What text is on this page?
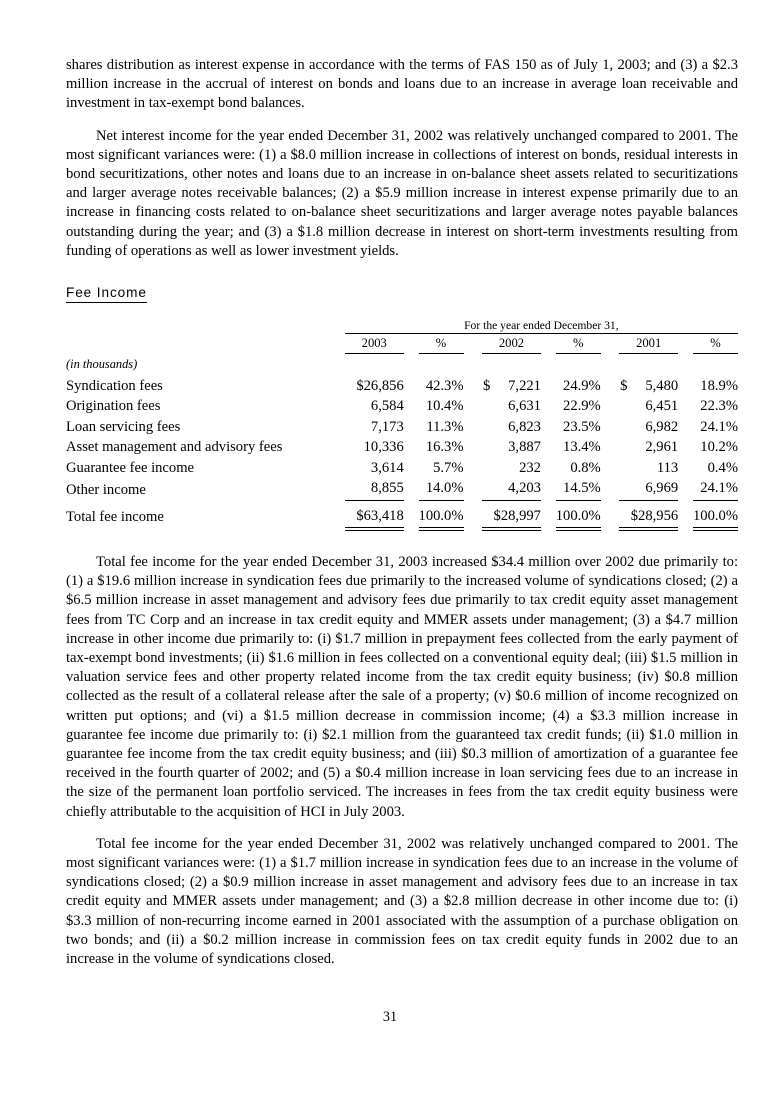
shares distribution as interest expense in accordance with the terms of FAS 150 as of July 1, 2003; and (3) a $2.3 million increase in the accrual of interest on bonds and loans due to an increase in average loan receivable and investment in tax-exempt bond balances.

Net interest income for the year ended December 31, 2002 was relatively unchanged compared to 2001. The most significant variances were: (1) a $8.0 million increase in collections of interest on bonds, residual interests in bond securitizations, other notes and loans due to an increase in on-balance sheet assets related to securitizations and larger average notes receivable balances; (2) a $5.9 million increase in interest expense primarily due to an increase in financing costs related to on-balance sheet securitizations and larger average notes payable balances outstanding during the year; and (3) a $1.8 million decrease in interest on short-term investments resulting from funding of operations as well as lower investment yields.

Fee Income
	For the year ended December 31,										
	2003		%		2002		%		2001		%
(in thousands)											
Syndication fees	$26,856		42.3%		$ 7,221		24.9%		$ 5,480		18.9%
Origination fees	6,584		10.4%		6,631		22.9%		6,451		22.3%
Loan servicing fees	7,173		11.3%		6,823		23.5%		6,982		24.1%
Asset management and advisory fees	10,336		16.3%		3,887		13.4%		2,961		10.2%
Guarantee fee income	3,614		5.7%		232		0.8%		113		0.4%
Other income	8,855		14.0%		4,203		14.5%		6,969		24.1%
Total fee income	$63,418		100.0%		$28,997		100.0%		$28,956		100.0%

Total fee income for the year ended December 31, 2003 increased $34.4 million over 2002 due primarily to: (1) a $19.6 million increase in syndication fees due primarily to the increased volume of syndications closed; (2) a $6.5 million increase in asset management and advisory fees due primarily to tax credit equity asset management fees from TC Corp and an increase in tax credit equity and MMER assets under management; (3) a $4.7 million increase in other income due primarily to: (i) $1.7 million in prepayment fees collected from the early payment of tax-exempt bond investments; (ii) $1.6 million in fees collected on a conventional equity deal; (iii) $1.5 million in valuation service fees and other property related income from the tax credit equity business; (iv) $0.8 million collected as the result of a collateral release after the sale of a property; (v) $0.6 million of income recognized on written put options; and (vi) a $1.5 million decrease in commission income; (4) a $3.3 million increase in guarantee fee income due primarily to: (i) $2.1 million from the guaranteed tax credit funds; (ii) $1.0 million in guarantee fee income from the tax credit equity business; and (iii) $0.3 million of amortization of a guarantee fee received in the fourth quarter of 2002; and (5) a $0.4 million increase in loan servicing fees due to an increase in the size of the permanent loan portfolio serviced. The increases in fees from the tax credit equity business were chiefly attributable to the acquisition of HCI in July 2003.

Total fee income for the year ended December 31, 2002 was relatively unchanged compared to 2001. The most significant variances were: (1) a $1.7 million increase in syndication fees due to an increase in the volume of syndications closed; (2) a $0.9 million increase in asset management and advisory fees due to an increase in tax credit equity and MMER assets under management; and (3) a $2.8 million decrease in other income due to: (i) $3.3 million of non-recurring income earned in 2001 associated with the assumption of a purchase obligation on two bonds; and (ii) a $0.2 million increase in commission fees on tax credit equity funds in 2002 due to an increase in the volume of syndications closed.

31
